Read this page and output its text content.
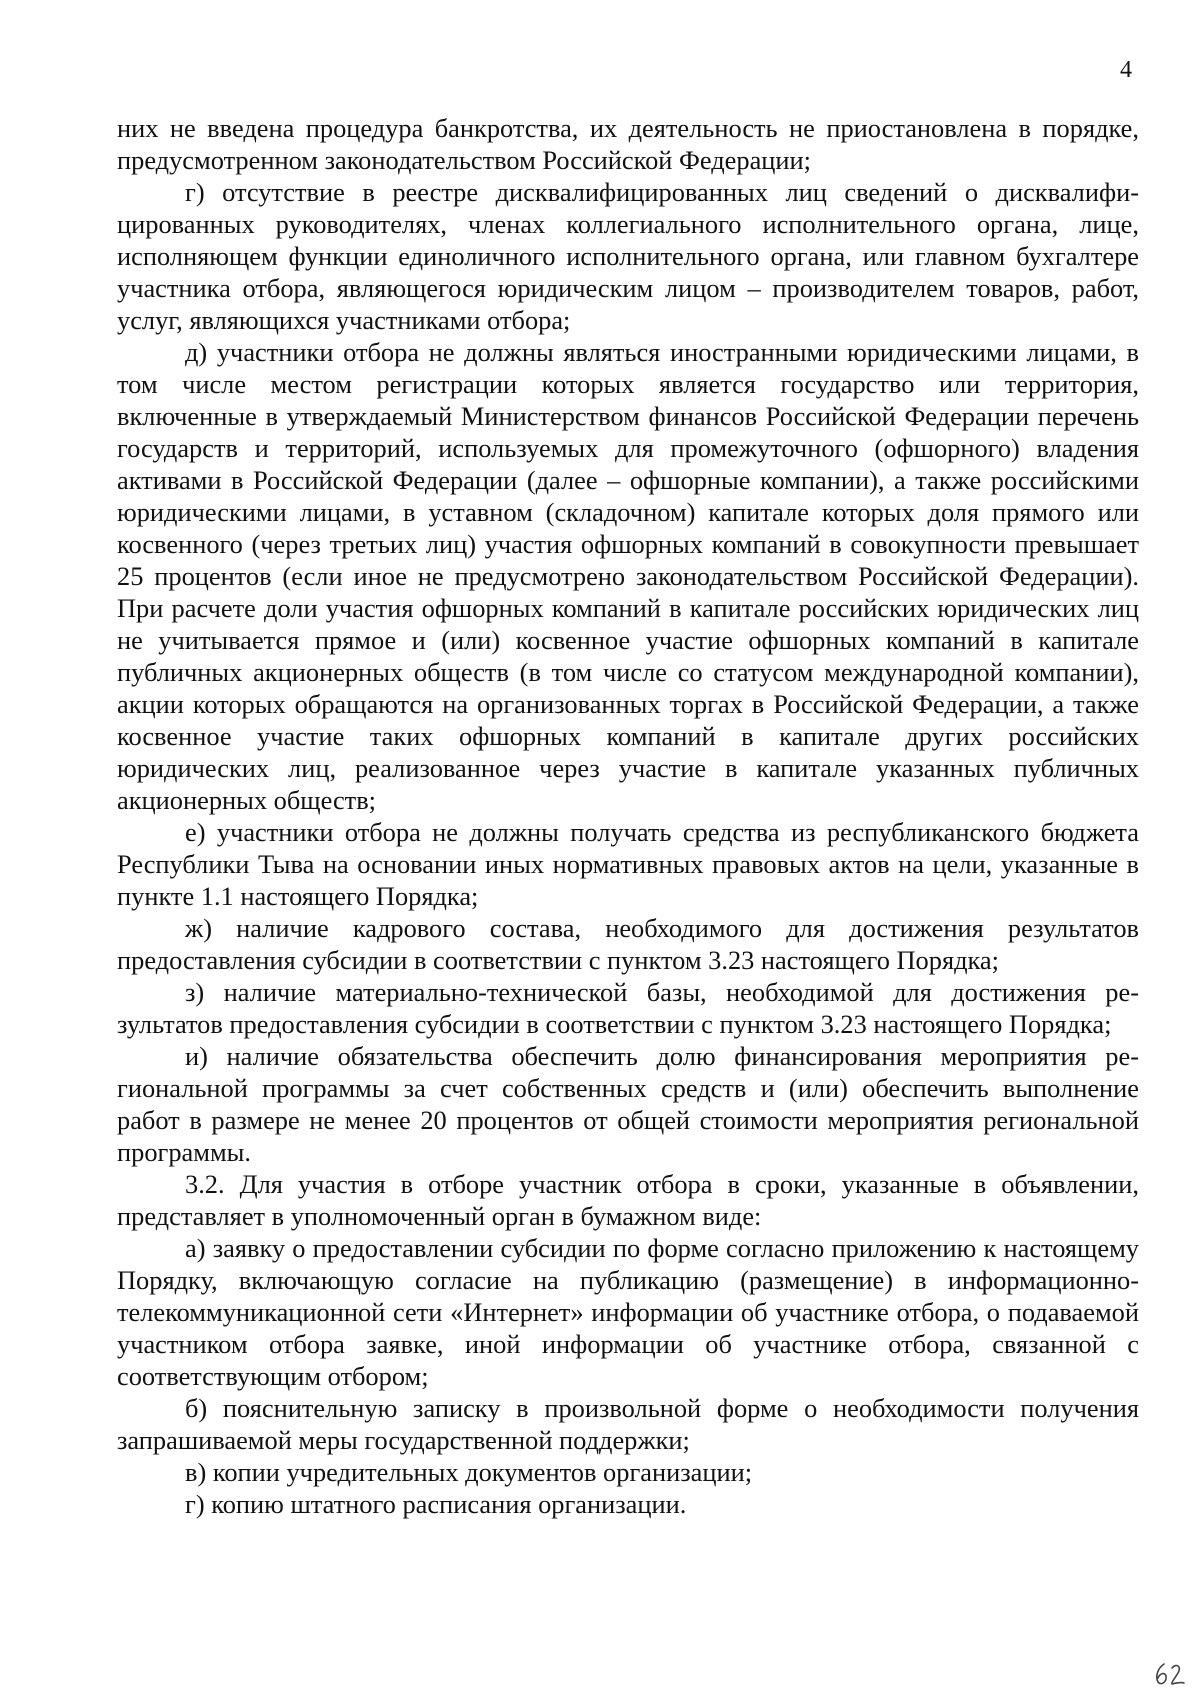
4

них не введена процедура банкротства, их деятельность не приостановлена в порядке, предусмотренном законодательством Российской Федерации;

г) отсутствие в реестре дисквалифицированных лиц сведений о дисквалифицированных руководителях, членах коллегиального исполнительного органа, лице, исполняющем функции единоличного исполнительного органа, или главном бухгалтере участника отбора, являющегося юридическим лицом – производителем товаров, работ, услуг, являющихся участниками отбора;

д) участники отбора не должны являться иностранными юридическими лицами, в том числе местом регистрации которых является государство или территория, включенные в утверждаемый Министерством финансов Российской Федерации перечень государств и территорий, используемых для промежуточного (офшорного) владения активами в Российской Федерации (далее – офшорные компании), а также российскими юридическими лицами, в уставном (складочном) капитале которых доля прямого или косвенного (через третьих лиц) участия офшорных компаний в совокупности превышает 25 процентов (если иное не предусмотрено законодательством Российской Федерации). При расчете доли участия офшорных компаний в капитале российских юридических лиц не учитывается прямое и (или) косвенное участие офшорных компаний в капитале публичных акционерных обществ (в том числе со статусом международной компании), акции которых обращаются на организованных торгах в Российской Федерации, а также косвенное участие таких офшорных компаний в капитале других российских юридических лиц, реализованное через участие в капитале указанных публичных акционерных обществ;

е) участники отбора не должны получать средства из республиканского бюджета Республики Тыва на основании иных нормативных правовых актов на цели, указанные в пункте 1.1 настоящего Порядка;

ж) наличие кадрового состава, необходимого для достижения результатов предоставления субсидии в соответствии с пунктом 3.23 настоящего Порядка;

з) наличие материально-технической базы, необходимой для достижения результатов предоставления субсидии в соответствии с пунктом 3.23 настоящего Порядка;

и) наличие обязательства обеспечить долю финансирования мероприятия региональной программы за счет собственных средств и (или) обеспечить выполнение работ в размере не менее 20 процентов от общей стоимости мероприятия региональной программы.

3.2. Для участия в отборе участник отбора в сроки, указанные в объявлении, представляет в уполномоченный орган в бумажном виде:

а) заявку о предоставлении субсидии по форме согласно приложению к настоящему Порядку, включающую согласие на публикацию (размещение) в информационно-телекоммуникационной сети «Интернет» информации об участнике отбора, о подаваемой участником отбора заявке, иной информации об участнике отбора, связанной с соответствующим отбором;

б) пояснительную записку в произвольной форме о необходимости получения запрашиваемой меры государственной поддержки;

в) копии учредительных документов организации;

г) копию штатного расписания организации.
